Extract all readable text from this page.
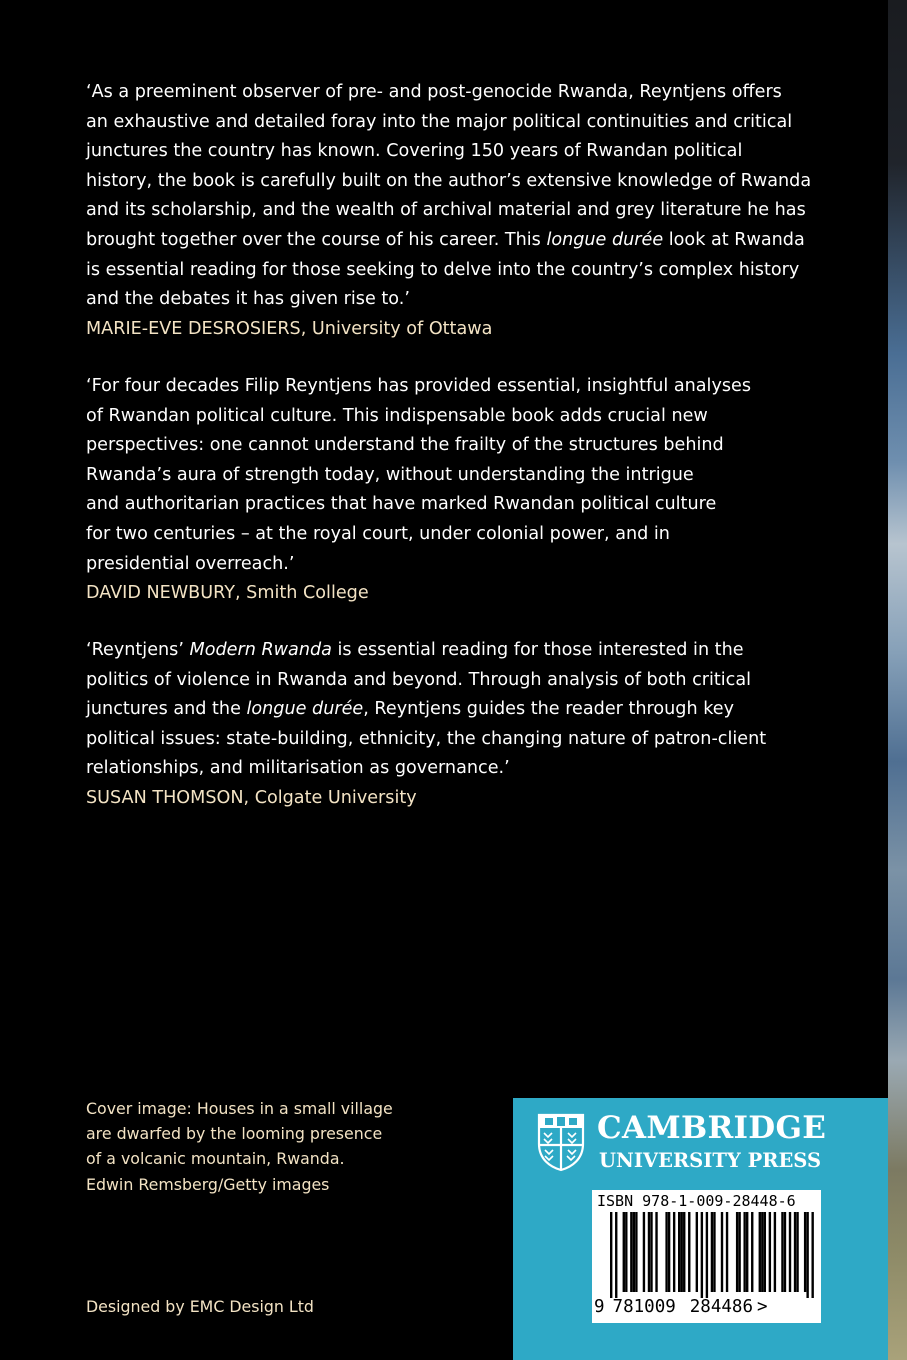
‘As a preeminent observer of pre- and post-genocide Rwanda, Reyntjens offers

an exhaustive and detailed foray into the major political continuities and critical

junctures the country has known. Covering 150 years of Rwandan political

history, the book is carefully built on the author’s extensive knowledge of Rwanda

and its scholarship, and the wealth of archival material and grey literature he has

brought together over the course of his career. This longue durée look at Rwanda

is essential reading for those seeking to delve into the country’s complex history

and the debates it has given rise to.’

MARIE-EVE DESROSIERS, University of Ottawa

‘For four decades Filip Reyntjens has provided essential, insightful analyses

of Rwandan political culture. This indispensable book adds crucial new

perspectives: one cannot understand the frailty of the structures behind

Rwanda’s aura of strength today, without understanding the intrigue

and authoritarian practices that have marked Rwandan political culture

for two centuries – at the royal court, under colonial power, and in

presidential overreach.’

DAVID NEWBURY, Smith College

‘Reyntjens’ Modern Rwanda is essential reading for those interested in the

politics of violence in Rwanda and beyond. Through analysis of both critical

junctures and the longue durée, Reyntjens guides the reader through key

political issues: state-building, ethnicity, the changing nature of patron-client

relationships, and militarisation as governance.’

SUSAN THOMSON, Colgate University

Cover image: Houses in a small village

are dwarfed by the looming presence

of a volcanic mountain, Rwanda.

Edwin Remsberg/Getty images

Designed by EMC Design Ltd
CAMBRIDGE
UNIVERSITY PRESS
ISBN 978-1-009-28448-6
9 781009 284486 >
